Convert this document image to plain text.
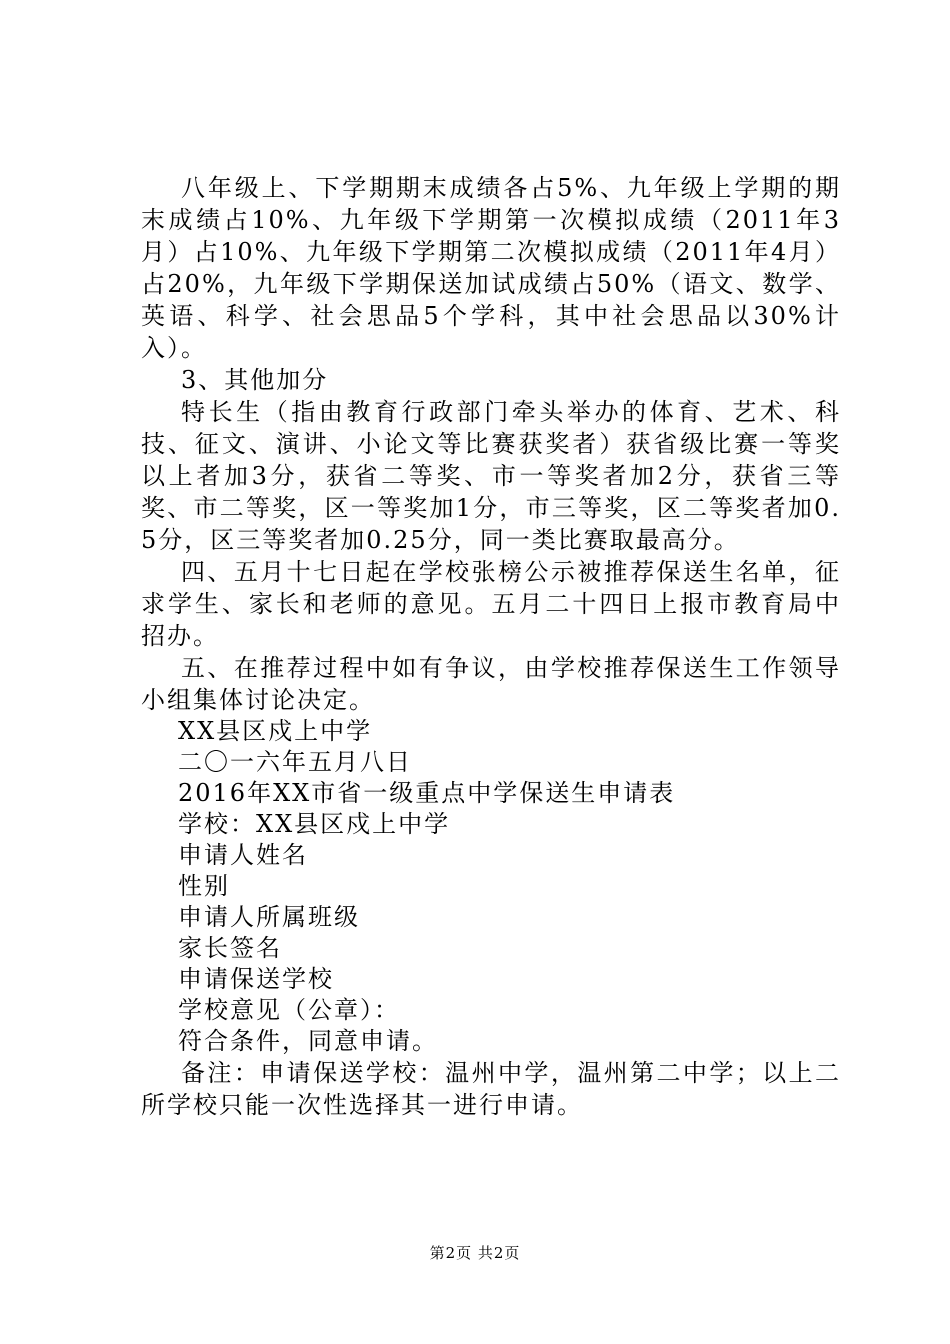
八年级上、下学期期末成绩各占5%、九年级上学期的期末成绩占10%、九年级下学期第一次模拟成绩（2011年3月）占10%、九年级下学期第二次模拟成绩（2011年4月）占20%，九年级下学期保送加试成绩占50%（语文、数学、英语、科学、社会思品5个学科，其中社会思品以30%计入）。

3、其他加分

特长生（指由教育行政部门牵头举办的体育、艺术、科技、征文、演讲、小论文等比赛获奖者）获省级比赛一等奖以上者加3分，获省二等奖、市一等奖者加2分，获省三等奖、市二等奖，区一等奖加1分，市三等奖，区二等奖者加0.5分，区三等奖者加0.25分，同一类比赛取最高分。

四、五月十七日起在学校张榜公示被推荐保送生名单，征求学生、家长和老师的意见。五月二十四日上报市教育局中招办。

五、在推荐过程中如有争议，由学校推荐保送生工作领导小组集体讨论决定。

XX县区戍上中学

二〇一六年五月八日

2016年XX市省一级重点中学保送生申请表

学校：XX县区戍上中学

申请人姓名

性别

申请人所属班级

家长签名

申请保送学校

学校意见（公章）：

符合条件，同意申请。

备注：申请保送学校：温州中学，温州第二中学；以上二所学校只能一次性选择其一进行申请。

第2页 共2页
